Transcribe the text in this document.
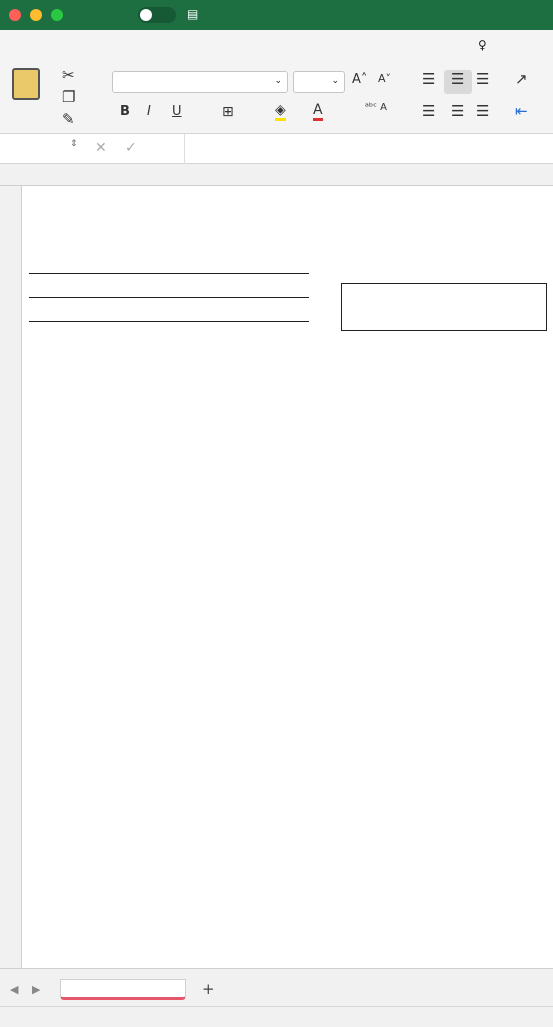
▤
♀
✂
❐
✎
⌄	⌄ A˄ A˅
B I U	⊞	◈ A	ᵃᵇᶜ A
☰ ☰ ☰
☰ ☰ ☰
↗
⇤
⇕ ✕ ✓
◀ ▶	+
